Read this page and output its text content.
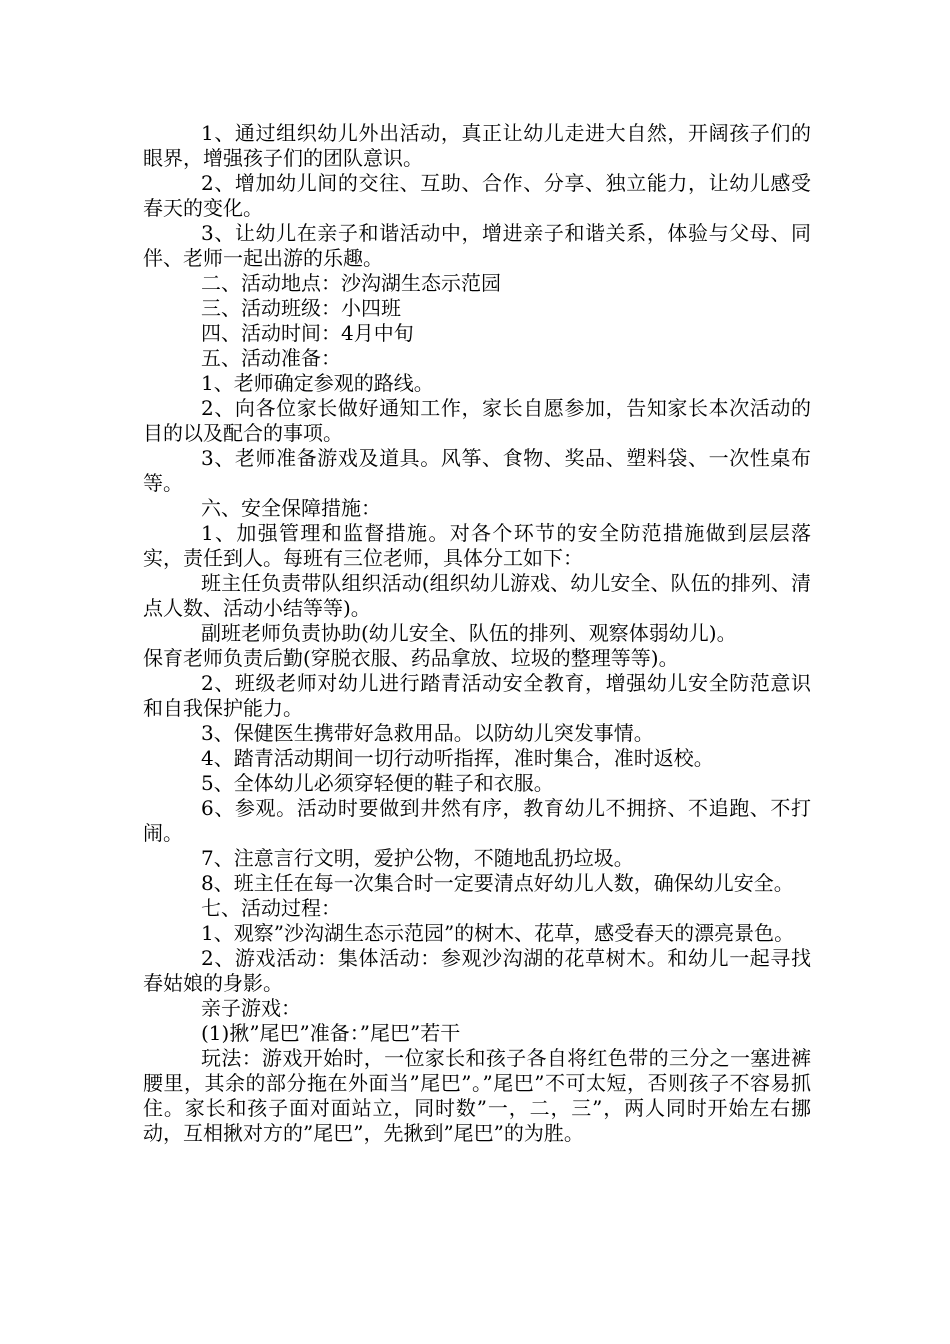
1、通过组织幼儿外出活动，真正让幼儿走进大自然，开阔孩子们的眼界，增强孩子们的团队意识。

2、增加幼儿间的交往、互助、合作、分享、独立能力，让幼儿感受春天的变化。

3、让幼儿在亲子和谐活动中，增进亲子和谐关系，体验与父母、同伴、老师一起出游的乐趣。

二、活动地点：沙沟湖生态示范园

三、活动班级：小四班

四、活动时间：4月中旬

五、活动准备：

1、老师确定参观的路线。

2、向各位家长做好通知工作，家长自愿参加，告知家长本次活动的目的以及配合的事项。

3、老师准备游戏及道具。风筝、食物、奖品、塑料袋、一次性桌布等。

六、安全保障措施：

1、加强管理和监督措施。对各个环节的安全防范措施做到层层落实，责任到人。每班有三位老师，具体分工如下：

班主任负责带队组织活动(组织幼儿游戏、幼儿安全、队伍的排列、清点人数、活动小结等等)。

副班老师负责协助(幼儿安全、队伍的排列、观察体弱幼儿)。

保育老师负责后勤(穿脱衣服、药品拿放、垃圾的整理等等)。

2、班级老师对幼儿进行踏青活动安全教育，增强幼儿安全防范意识和自我保护能力。

3、保健医生携带好急救用品。以防幼儿突发事情。

4、踏青活动期间一切行动听指挥，准时集合，准时返校。

5、全体幼儿必须穿轻便的鞋子和衣服。

6、参观。活动时要做到井然有序，教育幼儿不拥挤、不追跑、不打闹。

7、注意言行文明，爱护公物，不随地乱扔垃圾。

8、班主任在每一次集合时一定要清点好幼儿人数，确保幼儿安全。

七、活动过程：

1、观察”沙沟湖生态示范园”的树木、花草，感受春天的漂亮景色。

2、游戏活动：集体活动：参观沙沟湖的花草树木。和幼儿一起寻找春姑娘的身影。

亲子游戏：

(1)揪”尾巴”准备：”尾巴”若干

玩法：游戏开始时，一位家长和孩子各自将红色带的三分之一塞进裤腰里，其余的部分拖在外面当”尾巴”。”尾巴”不可太短，否则孩子不容易抓住。家长和孩子面对面站立，同时数”一，二，三”，两人同时开始左右挪动，互相揪对方的”尾巴”，先揪到”尾巴”的为胜。
